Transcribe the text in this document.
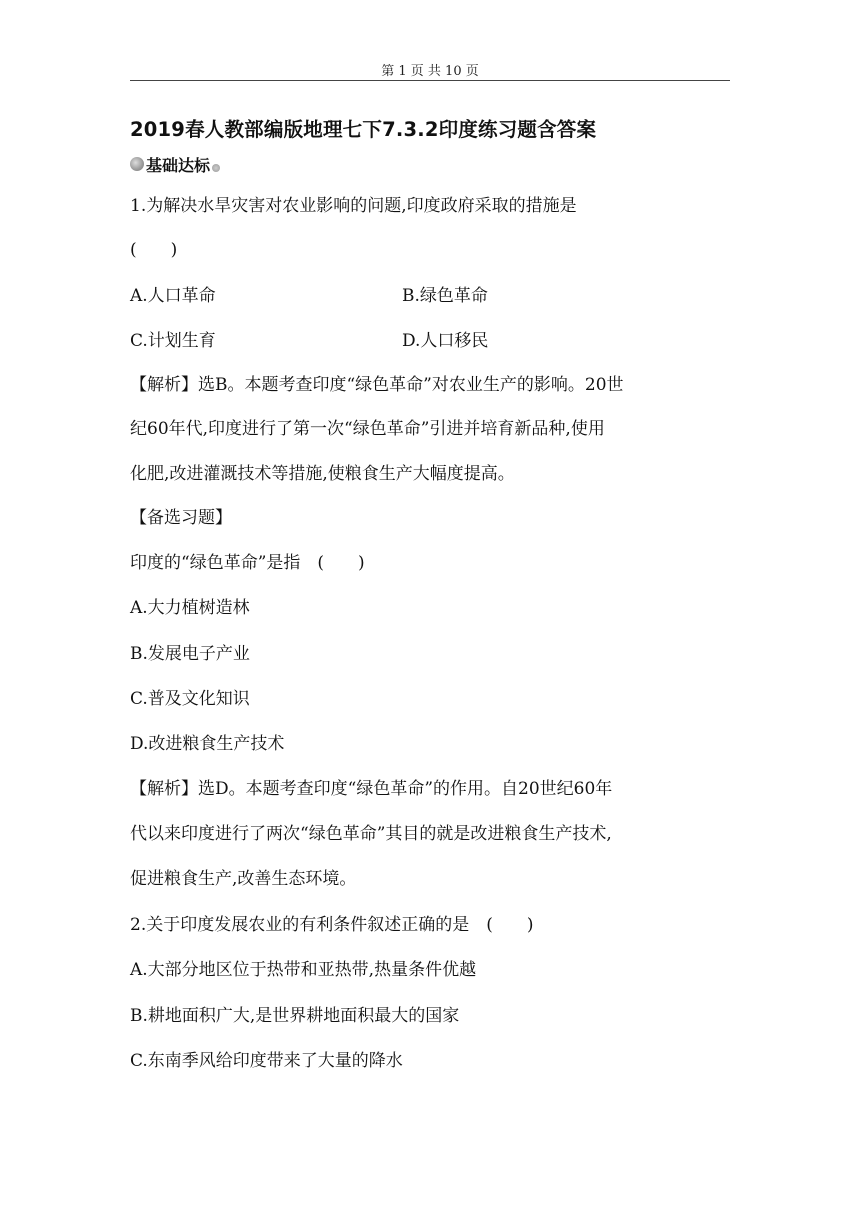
第 1 页 共 10 页
2019春人教部编版地理七下7.3.2印度练习题含答案
基础达标
1.为解决水旱灾害对农业影响的问题,印度政府采取的措施是
(　　)
A.人口革命	B.绿色革命
C.计划生育	D.人口移民
【解析】选B。本题考查印度“绿色革命”对农业生产的影响。20世
纪60年代,印度进行了第一次“绿色革命”引进并培育新品种,使用
化肥,改进灌溉技术等措施,使粮食生产大幅度提高。
【备选习题】
印度的“绿色革命”是指　(　　)
A.大力植树造林
B.发展电子产业
C.普及文化知识
D.改进粮食生产技术
【解析】选D。本题考查印度“绿色革命”的作用。自20世纪60年
代以来印度进行了两次“绿色革命”其目的就是改进粮食生产技术,
促进粮食生产,改善生态环境。
2.关于印度发展农业的有利条件叙述正确的是　(　　)
A.大部分地区位于热带和亚热带,热量条件优越
B.耕地面积广大,是世界耕地面积最大的国家
C.东南季风给印度带来了大量的降水
